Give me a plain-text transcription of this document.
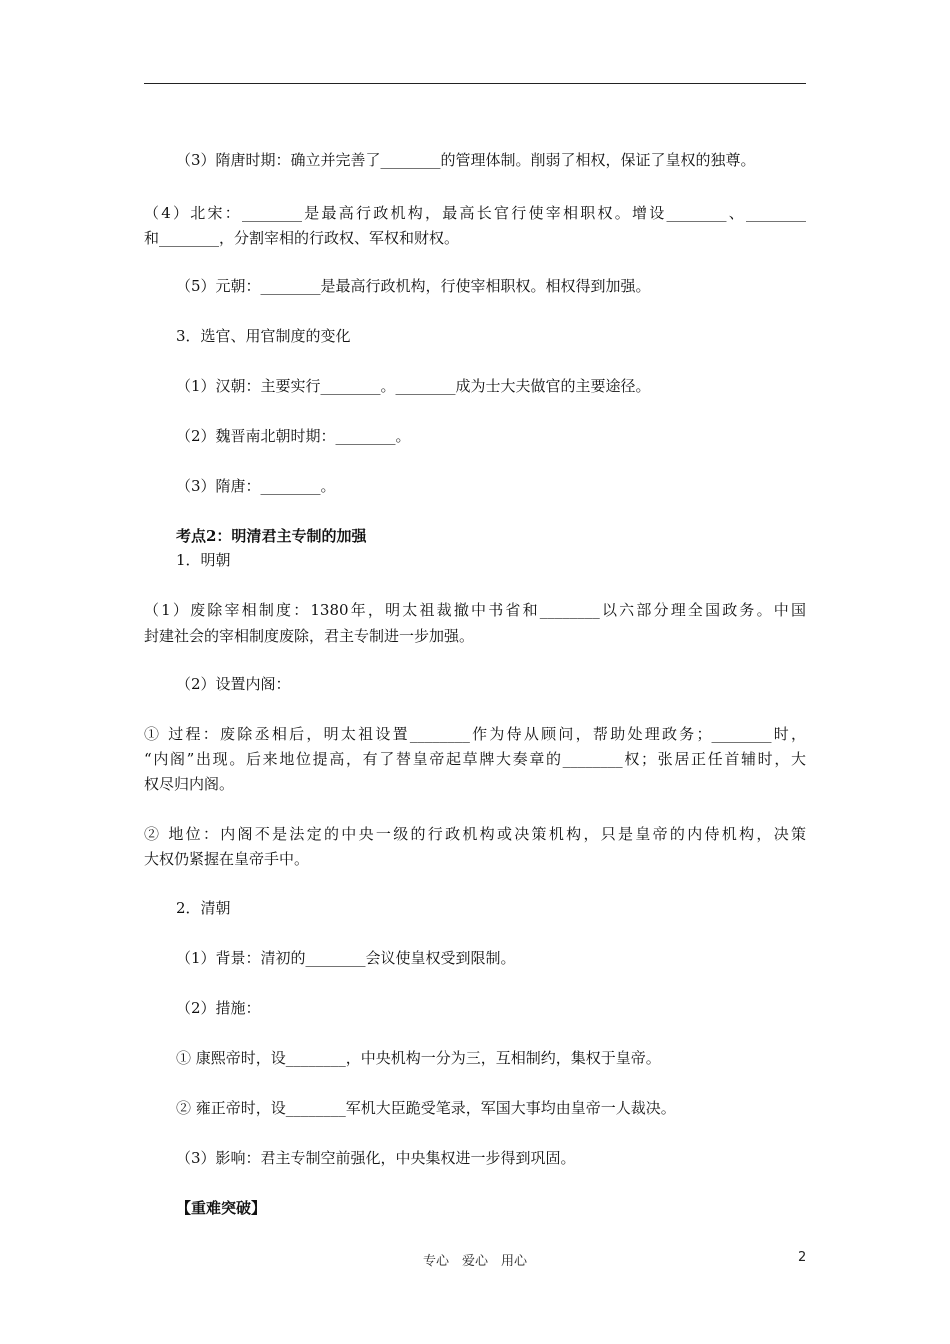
（3）隋唐时期：确立并完善了________的管理体制。削弱了相权，保证了皇权的独尊。
（4）北宋：________是最高行政机构，最高长官行使宰相职权。增设________、________
和________，分割宰相的行政权、军权和财权。
（5）元朝：________是最高行政机构，行使宰相职权。相权得到加强。
3．选官、用官制度的变化
（1）汉朝：主要实行________。________成为士大夫做官的主要途径。
（2）魏晋南北朝时期：________。
（3）隋唐：________。
考点2：明清君主专制的加强
1．明朝
（1）废除宰相制度：1380年，明太祖裁撤中书省和________以六部分理全国政务。中国
封建社会的宰相制度废除，君主专制进一步加强。
（2）设置内阁：
① 过程：废除丞相后，明太祖设置________作为侍从顾问，帮助处理政务；________时，
“内阁”出现。后来地位提高，有了替皇帝起草牌大奏章的________权；张居正任首辅时，大
权尽归内阁。
② 地位：内阁不是法定的中央一级的行政机构或决策机构，只是皇帝的内侍机构，决策
大权仍紧握在皇帝手中。
2．清朝
（1）背景：清初的________会议使皇权受到限制。
（2）措施：
① 康熙帝时，设________，中央机构一分为三，互相制约，集权于皇帝。
② 雍正帝时，设________军机大臣跪受笔录，军国大事均由皇帝一人裁决。
（3）影响：君主专制空前强化，中央集权进一步得到巩固。
【重难突破】
专心　爱心　用心	2
